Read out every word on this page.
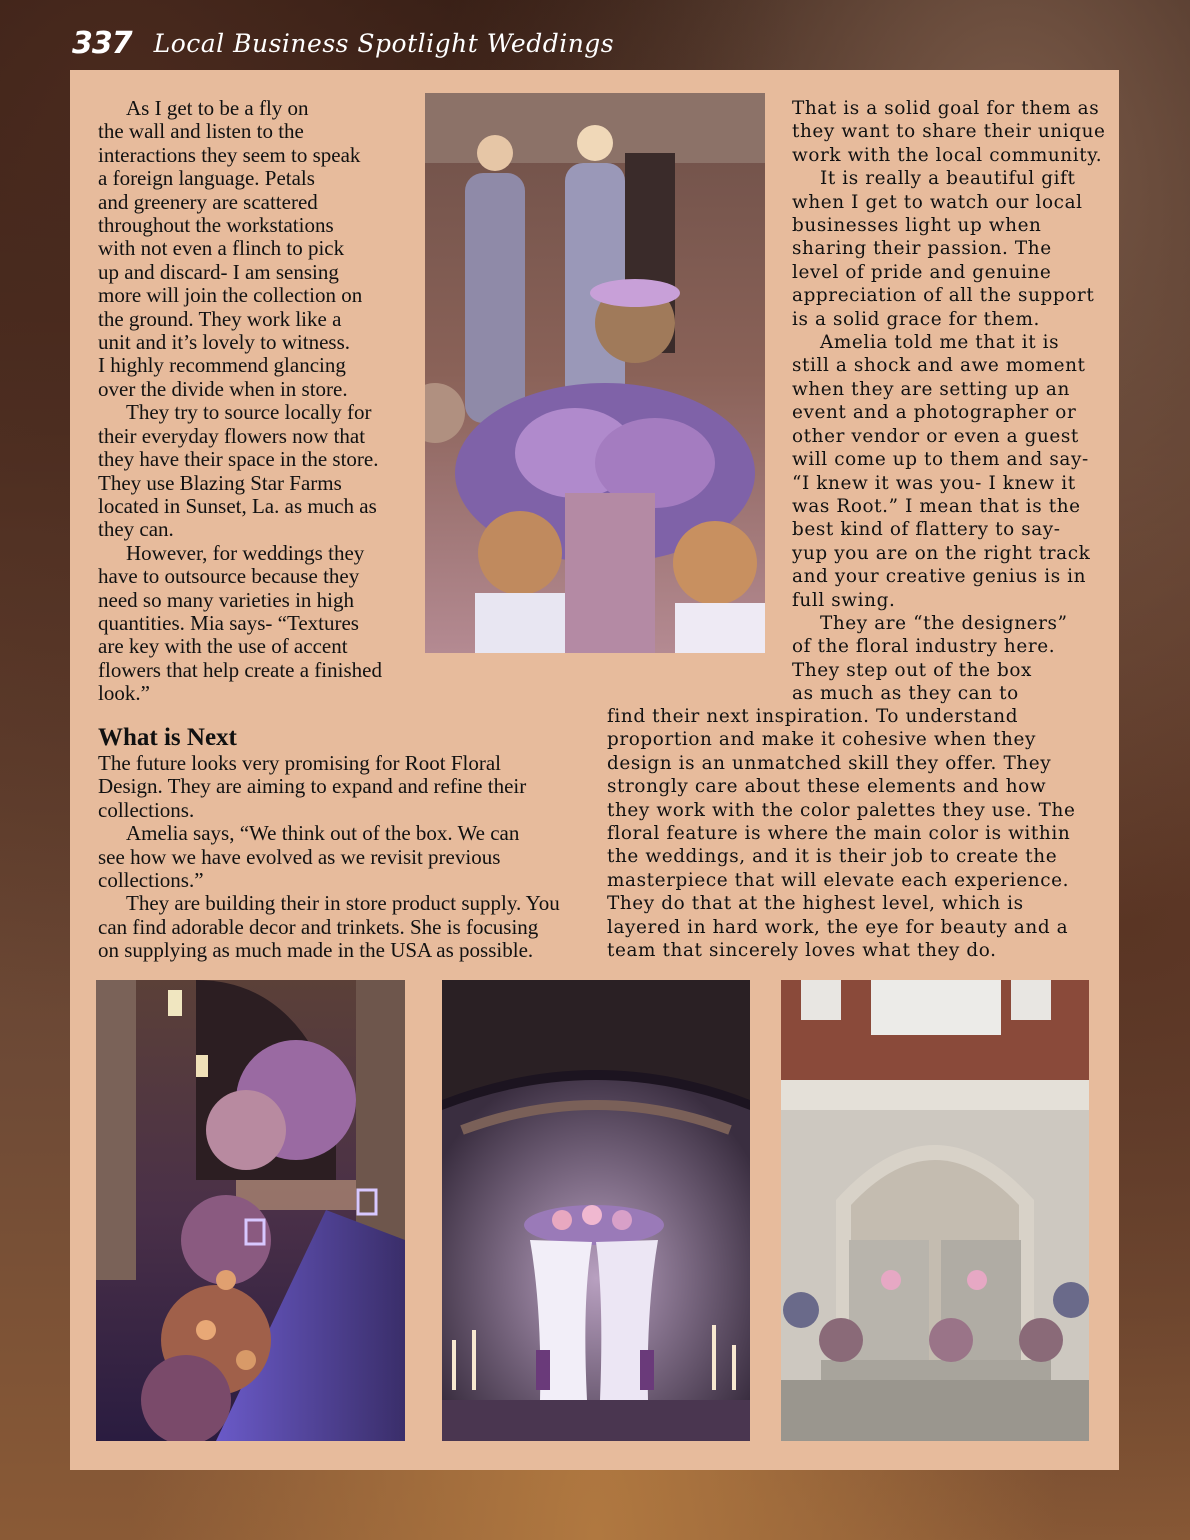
337 Local Business Spotlight Weddings

As I get to be a fly on
the wall and listen to the
interactions they seem to speak
a foreign language. Petals
and greenery are scattered
throughout the workstations
with not even a flinch to pick
up and discard- I am sensing
more will join the collection on
the ground. They work like a
unit and it’s lovely to witness.
I highly recommend glancing
over the divide when in store.

They try to source locally for
their everyday flowers now that
they have their space in the store.
They use Blazing Star Farms
located in Sunset, La. as much as
they can.

However, for weddings they
have to outsource because they
need so many varieties in high
quantities. Mia says- “Textures
are key with the use of accent
flowers that help create a finished
look.”

What is Next

The future looks very promising for Root Floral
Design. They are aiming to expand and refine their
collections.

Amelia says, “We think out of the box. We can
see how we have evolved as we revisit previous
collections.”

They are building their in store product supply. You
can find adorable decor and trinkets. She is focusing
on supplying as much made in the USA as possible.

That is a solid goal for them as
they want to share their unique
work with the local community.

It is really a beautiful gift
when I get to watch our local
businesses light up when
sharing their passion. The
level of pride and genuine
appreciation of all the support
is a solid grace for them.

Amelia told me that it is
still a shock and awe moment
when they are setting up an
event and a photographer or
other vendor or even a guest
will come up to them and say-
“I knew it was you- I knew it
was Root.” I mean that is the
best kind of flattery to say-
yup you are on the right track
and your creative genius is in
full swing.

They are “the designers”
of the floral industry here.
They step out of the box
as much as they can to

find their next inspiration. To understand
proportion and make it cohesive when they
design is an unmatched skill they offer. They
strongly care about these elements and how
they work with the color palettes they use. The
floral feature is where the main color is within
the weddings, and it is their job to create the
masterpiece that will elevate each experience.
They do that at the highest level, which is
layered in hard work, the eye for beauty and a
team that sincerely loves what they do.
